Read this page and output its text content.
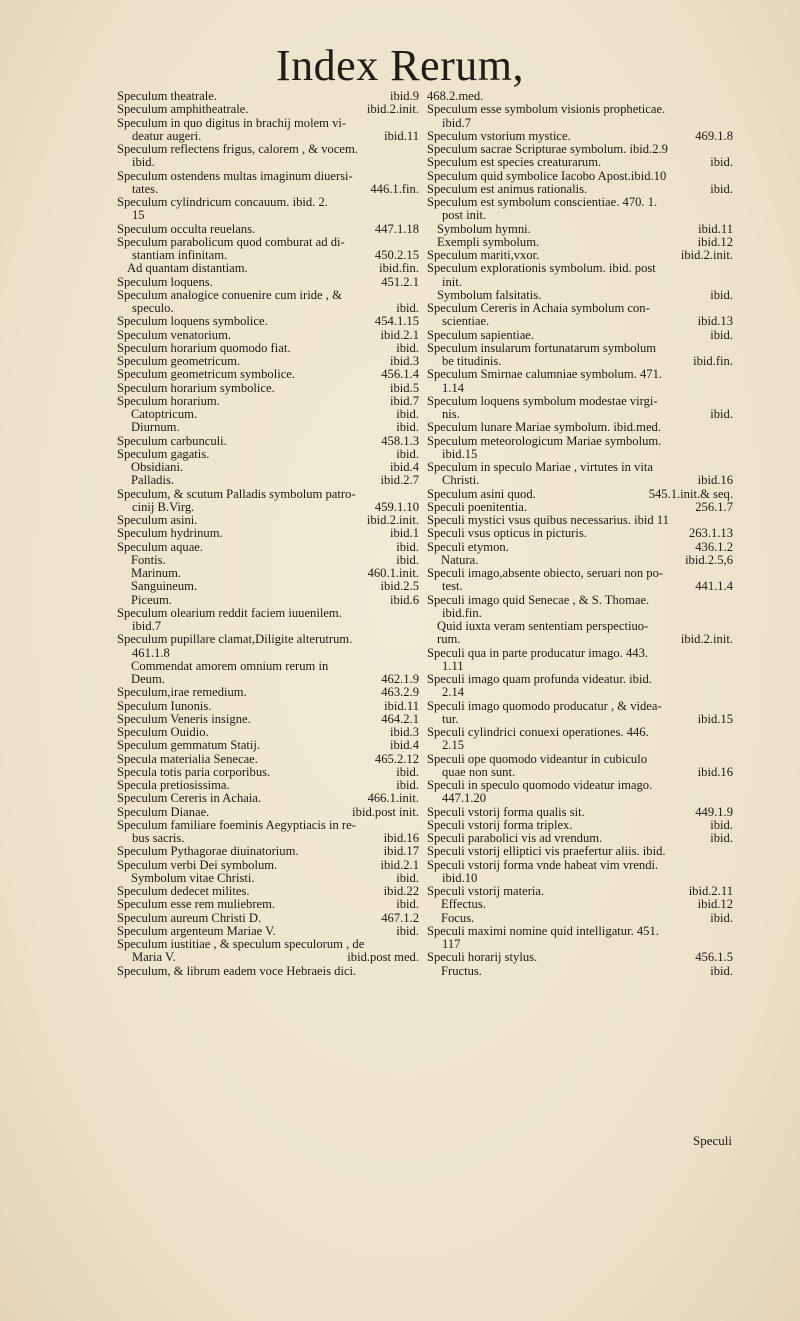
Index Rerum,
ibid.9
Speculum theatrale.
ibid.2.init.
Speculum amphitheatrale.
Speculum in quo digitus in brachij molem vi-
ibid.11
deatur augeri.
Speculum reflectens frigus, calorem , & vocem.
ibid.
Speculum ostendens multas imaginum diuersi-
446.1.fin.
tates.
Speculum cylindricum concauum. ibid. 2.
15
447.1.18
Speculum occulta reuelans.
Speculum parabolicum quod comburat ad di-
450.2.15
stantiam infinitam.
ibid.fin.
Ad quantam distantiam.
451.2.1
Speculum loquens.
Speculum analogice conuenire cum iride , &
ibid.
speculo.
454.1.15
Speculum loquens symbolice.
ibid.2.1
Speculum venatorium.
ibid.
Speculum horarium quomodo fiat.
ibid.3
Speculum geometricum.
456.1.4
Speculum geometricum symbolice.
ibid.5
Speculum horarium symbolice.
ibid.7
Speculum horarium.
ibid.
Catoptricum.
ibid.
Diurnum.
458.1.3
Speculum carbunculi.
ibid.
Speculum gagatis.
ibid.4
Obsidiani.
ibid.2.7
Palladis.
Speculum, & scutum Palladis symbolum patro-
459.1.10
cinij B.Virg.
ibid.2.init.
Speculum asini.
ibid.1
Speculum hydrinum.
ibid.
Speculum aquae.
ibid.
Fontis.
460.1.init.
Marinum.
ibid.2.5
Sanguineum.
ibid.6
Piceum.
Speculum olearium reddit faciem iuuenilem.
ibid.7
Speculum pupillare clamat,Diligite alterutrum.
461.1.8
Commendat amorem omnium rerum in
462.1.9
Deum.
463.2.9
Speculum,irae remedium.
ibid.11
Speculum Iunonis.
464.2.1
Speculum Veneris insigne.
ibid.3
Speculum Ouidio.
ibid.4
Speculum gemmatum Statij.
465.2.12
Specula materialia Senecae.
ibid.
Specula totis paria corporibus.
ibid.
Specula pretiosissima.
466.1.init.
Speculum Cereris in Achaia.
ibid.post init.
Speculum Dianae.
Speculum familiare foeminis Aegyptiacis in re-
ibid.16
bus sacris.
ibid.17
Speculum Pythagorae diuinatorium.
ibid.2.1
Speculum verbi Dei symbolum.
ibid.
Symbolum vitae Christi.
ibid.22
Speculum dedecet milites.
ibid.
Speculum esse rem muliebrem.
467.1.2
Speculum aureum Christi D.
ibid.
Speculum argenteum Mariae V.
Speculum iustitiae , & speculum speculorum , de
ibid.post med.
Maria V.
Speculum, & librum eadem voce Hebraeis dici.
468.2.med.
Speculum esse symbolum visionis propheticae.
ibid.7
469.1.8
Speculum vstorium mystice.
Speculum sacrae Scripturae symbolum. ibid.2.9
ibid.
Speculum est species creaturarum.
Speculum quid symbolice Iacobo Apost.ibid.10
ibid.
Speculum est animus rationalis.
Speculum est symbolum conscientiae. 470. 1.
post init.
ibid.11
Symbolum hymni.
ibid.12
Exempli symbolum.
ibid.2.init.
Speculum mariti,vxor.
Speculum explorationis symbolum. ibid. post
init.
ibid.
Symbolum falsitatis.
Speculum Cereris in Achaia symbolum con-
ibid.13
scientiae.
ibid.
Speculum sapientiae.
Speculum insularum fortunatarum symbolum
ibid.fin.
be titudinis.
Speculum Smirnae calumniae symbolum. 471.
1.14
Speculum loquens symbolum modestae virgi-
ibid.
nis.
Speculum lunare Mariae symbolum. ibid.med.
Speculum meteorologicum Mariae symbolum.
ibid.15
Speculum in speculo Mariae , virtutes in vita
ibid.16
Christi.
545.1.init.& seq.
Speculum asini quod.
256.1.7
Speculi poenitentia.
Speculi mystici vsus quibus necessarius. ibid 11
263.1.13
Speculi vsus opticus in picturis.
436.1.2
Speculi etymon.
ibid.2.5,6
Natura.
Speculi imago,absente obiecto, seruari non po-
441.1.4
test.
Speculi imago quid Senecae , & S. Thomae.
ibid.fin.
Quid iuxta veram sententiam perspectiuo-
ibid.2.init.
rum.
Speculi qua in parte producatur imago. 443.
1.11
Speculi imago quam profunda videatur. ibid.
2.14
Speculi imago quomodo producatur , & videa-
ibid.15
tur.
Speculi cylindrici conuexi operationes. 446.
2.15
Speculi ope quomodo videantur in cubiculo
ibid.16
quae non sunt.
Speculi in speculo quomodo videatur imago.
447.1.20
449.1.9
Speculi vstorij forma qualis sit.
ibid.
Speculi vstorij forma triplex.
ibid.
Speculi parabolici vis ad vrendum.
Speculi vstorij elliptici vis praefertur aliis. ibid.
Speculi vstorij forma vnde habeat vim vrendi.
ibid.10
ibid.2.11
Speculi vstorij materia.
ibid.12
Effectus.
ibid.
Focus.
Speculi maximi nomine quid intelligatur. 451.
117
456.1.5
Speculi horarij stylus.
ibid.
Fructus.
Speculi
